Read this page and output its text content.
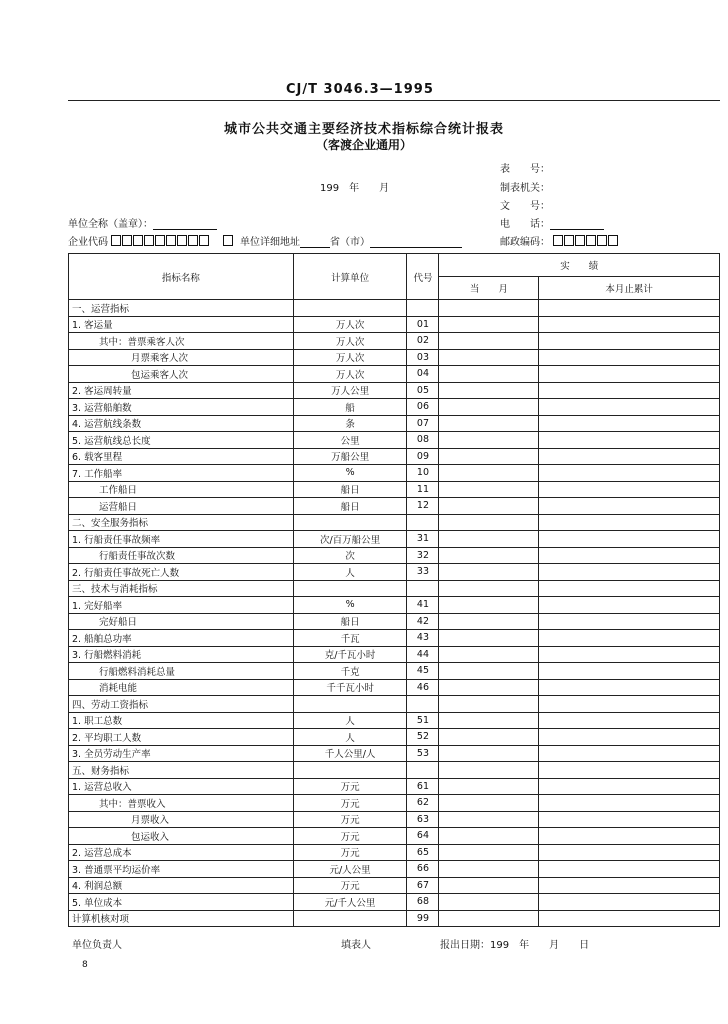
CJ/T 3046.3—1995
城市公共交通主要经济技术指标综合统计报表
（客渡企业通用）
表　　号：
199　年　　月	制表机关：
文　　号：
单位全称（盖章）：	电　　话：
企业代码	单位详细地址	省（市）	邮政编码：
指标名称	计算单位	代号	实　　绩	
			当　　月	本月止累计
一、运营指标				
1. 客运量	万人次	01		
其中：普票乘客人次	万人次	02		
月票乘客人次	万人次	03		
包运乘客人次	万人次	04		
2. 客运周转量	万人公里	05		
3. 运营船舶数	船	06		
4. 运营航线条数	条	07		
5. 运营航线总长度	公里	08		
6. 载客里程	万船公里	09		
7. 工作船率	%	10		
工作船日	船日	11		
运营船日	船日	12		
二、安全服务指标				
1. 行船责任事故频率	次/百万船公里	31		
行船责任事故次数	次	32		
2. 行船责任事故死亡人数	人	33		
三、技术与消耗指标				
1. 完好船率	%	41		
完好船日	船日	42		
2. 船舶总功率	千瓦	43		
3. 行船燃料消耗	克/千瓦小时	44		
行船燃料消耗总量	千克	45		
消耗电能	千千瓦小时	46		
四、劳动工资指标				
1. 职工总数	人	51		
2. 平均职工人数	人	52		
3. 全员劳动生产率	千人公里/人	53		
五、财务指标				
1. 运营总收入	万元	61		
其中：普票收入	万元	62		
月票收入	万元	63		
包运收入	万元	64		
2. 运营总成本	万元	65		
3. 普通票平均运价率	元/人公里	66		
4. 利润总额	万元	67		
5. 单位成本	元/千人公里	68		
计算机核对项		99		
单位负责人	填表人	报出日期：199　年　　月　　日
8
